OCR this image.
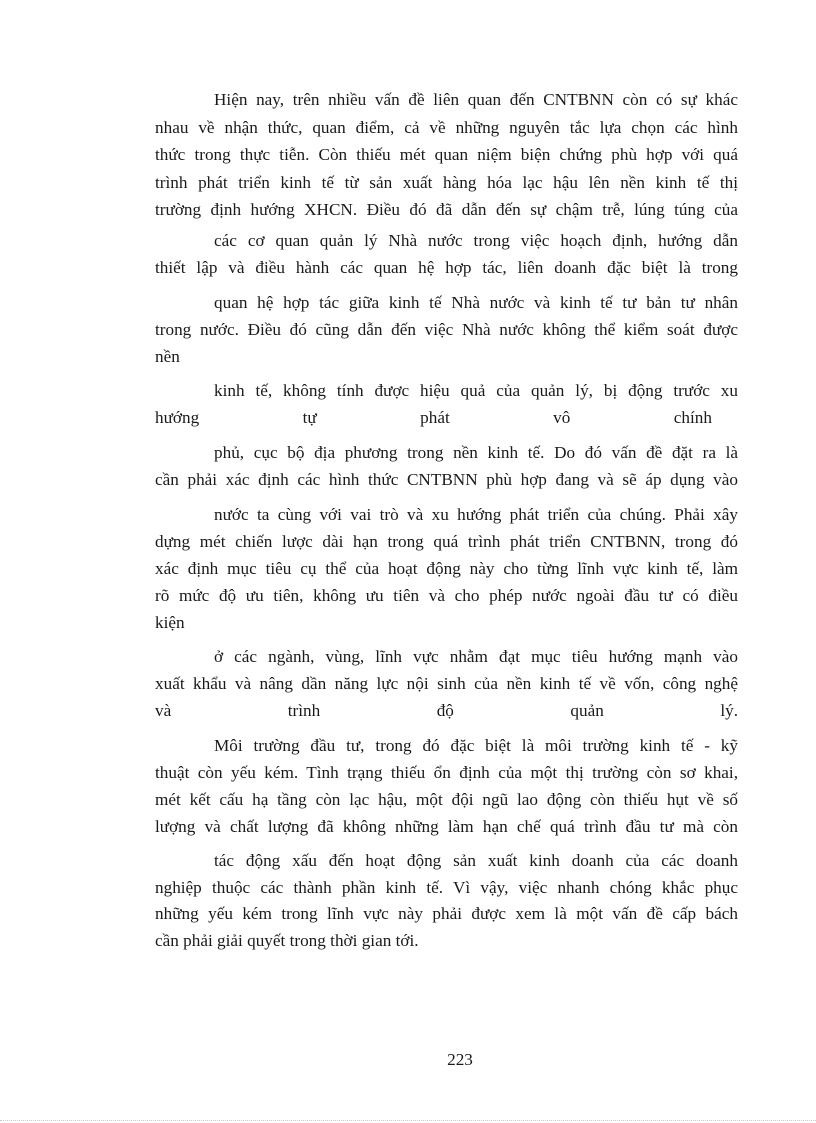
Hiện nay, trên nhiều vấn đề liên quan đến CNTBNN còn có sự khác
nhau về nhận thức, quan điểm, cả về những nguyên tắc lựa chọn các hình
thức trong thực tiễn. Còn thiếu mét quan niệm biện chứng phù hợp với quá
trình phát triển kinh tế từ sản xuất hàng hóa lạc hậu lên nền kinh tế thị
trường định hướng XHCN. Điều đó đã dẫn đến sự chậm trễ, lúng túng của
các cơ quan quản lý Nhà nước trong việc hoạch định, hướng dẫn
thiết lập và điều hành các quan hệ hợp tác, liên doanh đặc biệt là trong
quan hệ hợp tác giữa kinh tế Nhà nước và kinh tế tư bản tư nhân
trong nước. Điều đó cũng dẫn đến việc Nhà nước không thể kiểm soát được
nền
kinh tế, không tính được hiệu quả của quản lý, bị động trước xu
hướng tự phát vô chính
phủ, cục bộ địa phương trong nền kinh tế. Do đó vấn đề đặt ra là
cần phải xác định các hình thức CNTBNN phù hợp đang và sẽ áp dụng vào
nước ta cùng với vai trò và xu hướng phát triển của chúng. Phải xây
dựng mét chiến lược dài hạn trong quá trình phát triển CNTBNN, trong đó
xác định mục tiêu cụ thể của hoạt động này cho từng lĩnh vực kinh tế, làm
rõ mức độ ưu tiên, không ưu tiên và cho phép nước ngoài đầu tư có điều
kiện
ở các ngành, vùng, lĩnh vực nhằm đạt mục tiêu hướng mạnh vào
xuất khẩu và nâng dần năng lực nội sinh của nền kinh tế về vốn, công nghệ
và trình độ quản lý.
Môi trường đầu tư, trong đó đặc biệt là môi trường kinh tế - kỹ
thuật còn yếu kém. Tình trạng thiếu ổn định của một thị trường còn sơ khai,
mét kết cấu hạ tầng còn lạc hậu, một đội ngũ lao động còn thiếu hụt về số
lượng và chất lượng đã không những làm hạn chế quá trình đầu tư mà còn
tác động xấu đến hoạt động sản xuất kinh doanh của các doanh
nghiệp thuộc các thành phần kinh tế. Vì vậy, việc nhanh chóng khắc phục
những yếu kém trong lĩnh vực này phải được xem là một vấn đề cấp bách
cần phải giải quyết trong thời gian tới.
223
